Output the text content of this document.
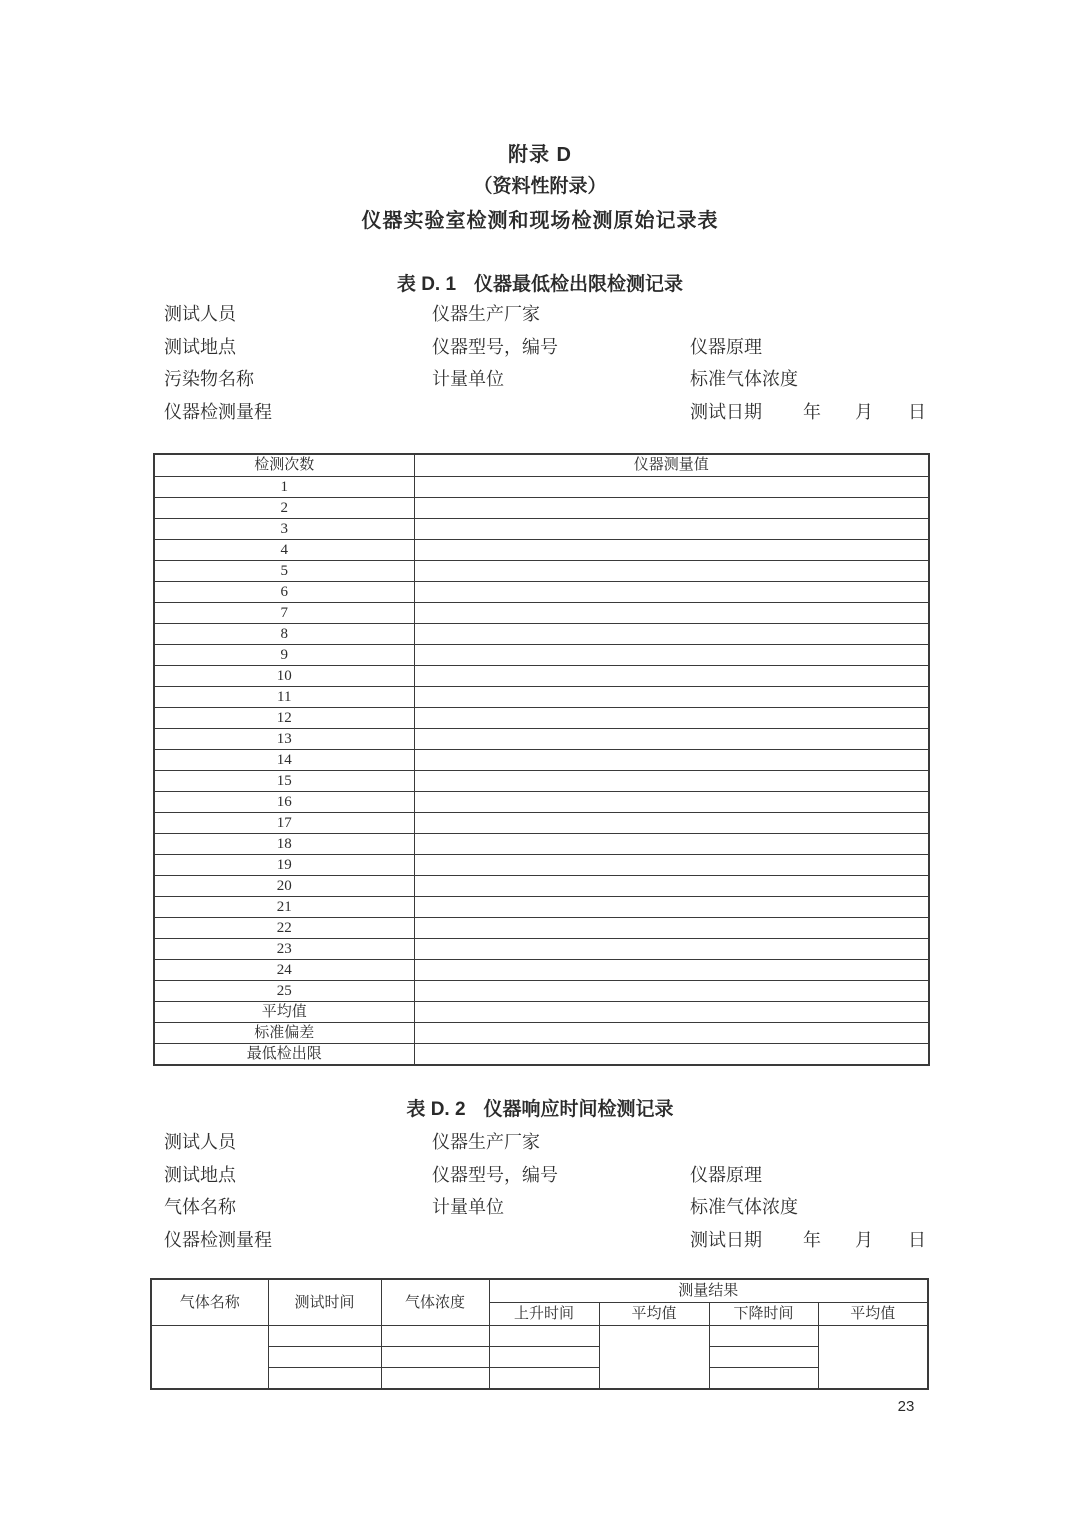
附录 D
（资料性附录）
仪器实验室检测和现场检测原始记录表
表 D. 1 仪器最低检出限检测记录
测试人员	仪器生产厂家
测试地点	仪器型号，编号	仪器原理
污染物名称	计量单位	标准气体浓度
仪器检测量程	测试日期 年 月 日
检测次数	仪器测量值
1	
2	
3	
4	
5	
6	
7	
8	
9	
10	
11	
12	
13	
14	
15	
16	
17	
18	
19	
20	
21	
22	
23	
24	
25	
平均值	
标准偏差	
最低检出限	
表 D. 2 仪器响应时间检测记录
测试人员	仪器生产厂家
测试地点	仪器型号，编号	仪器原理
气体名称	计量单位	标准气体浓度
仪器检测量程	测试日期 年 月 日
气体名称	测试时间	气体浓度	测量结果			
			上升时间	平均值	下降时间	平均值

23
